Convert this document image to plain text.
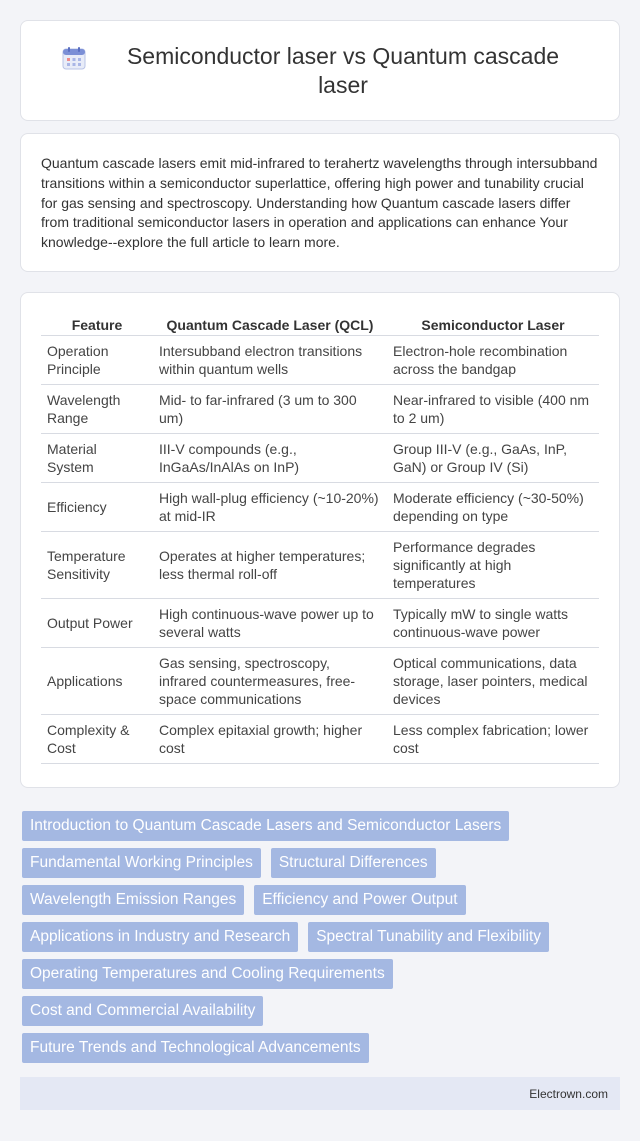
Semiconductor laser vs Quantum cascade laser

Quantum cascade lasers emit mid-infrared to terahertz wavelengths through intersubband transitions within a semiconductor superlattice, offering high power and tunability crucial for gas sensing and spectroscopy. Understanding how Quantum cascade lasers differ from traditional semiconductor lasers in operation and applications can enhance Your knowledge--explore the full article to learn more.

Feature	Quantum Cascade Laser (QCL)	Semiconductor Laser
Operation Principle	Intersubband electron transitions within quantum wells	Electron-hole recombination across the bandgap
Wavelength Range	Mid- to far-infrared (3 um to 300 um)	Near-infrared to visible (400 nm to 2 um)
Material System	III-V compounds (e.g., InGaAs/InAlAs on InP)	Group III-V (e.g., GaAs, InP, GaN) or Group IV (Si)
Efficiency	High wall-plug efficiency (~10-20%) at mid-IR	Moderate efficiency (~30-50%) depending on type
Temperature Sensitivity	Operates at higher temperatures; less thermal roll-off	Performance degrades significantly at high temperatures
Output Power	High continuous-wave power up to several watts	Typically mW to single watts continuous-wave power
Applications	Gas sensing, spectroscopy, infrared countermeasures, free-space communications	Optical communications, data storage, laser pointers, medical devices
Complexity & Cost	Complex epitaxial growth; higher cost	Less complex fabrication; lower cost
Introduction to Quantum Cascade Lasers and Semiconductor Lasers
Fundamental Working Principles	Structural Differences
Wavelength Emission Ranges	Efficiency and Power Output
Applications in Industry and Research	Spectral Tunability and Flexibility
Operating Temperatures and Cooling Requirements
Cost and Commercial Availability
Future Trends and Technological Advancements
Electrown.com
